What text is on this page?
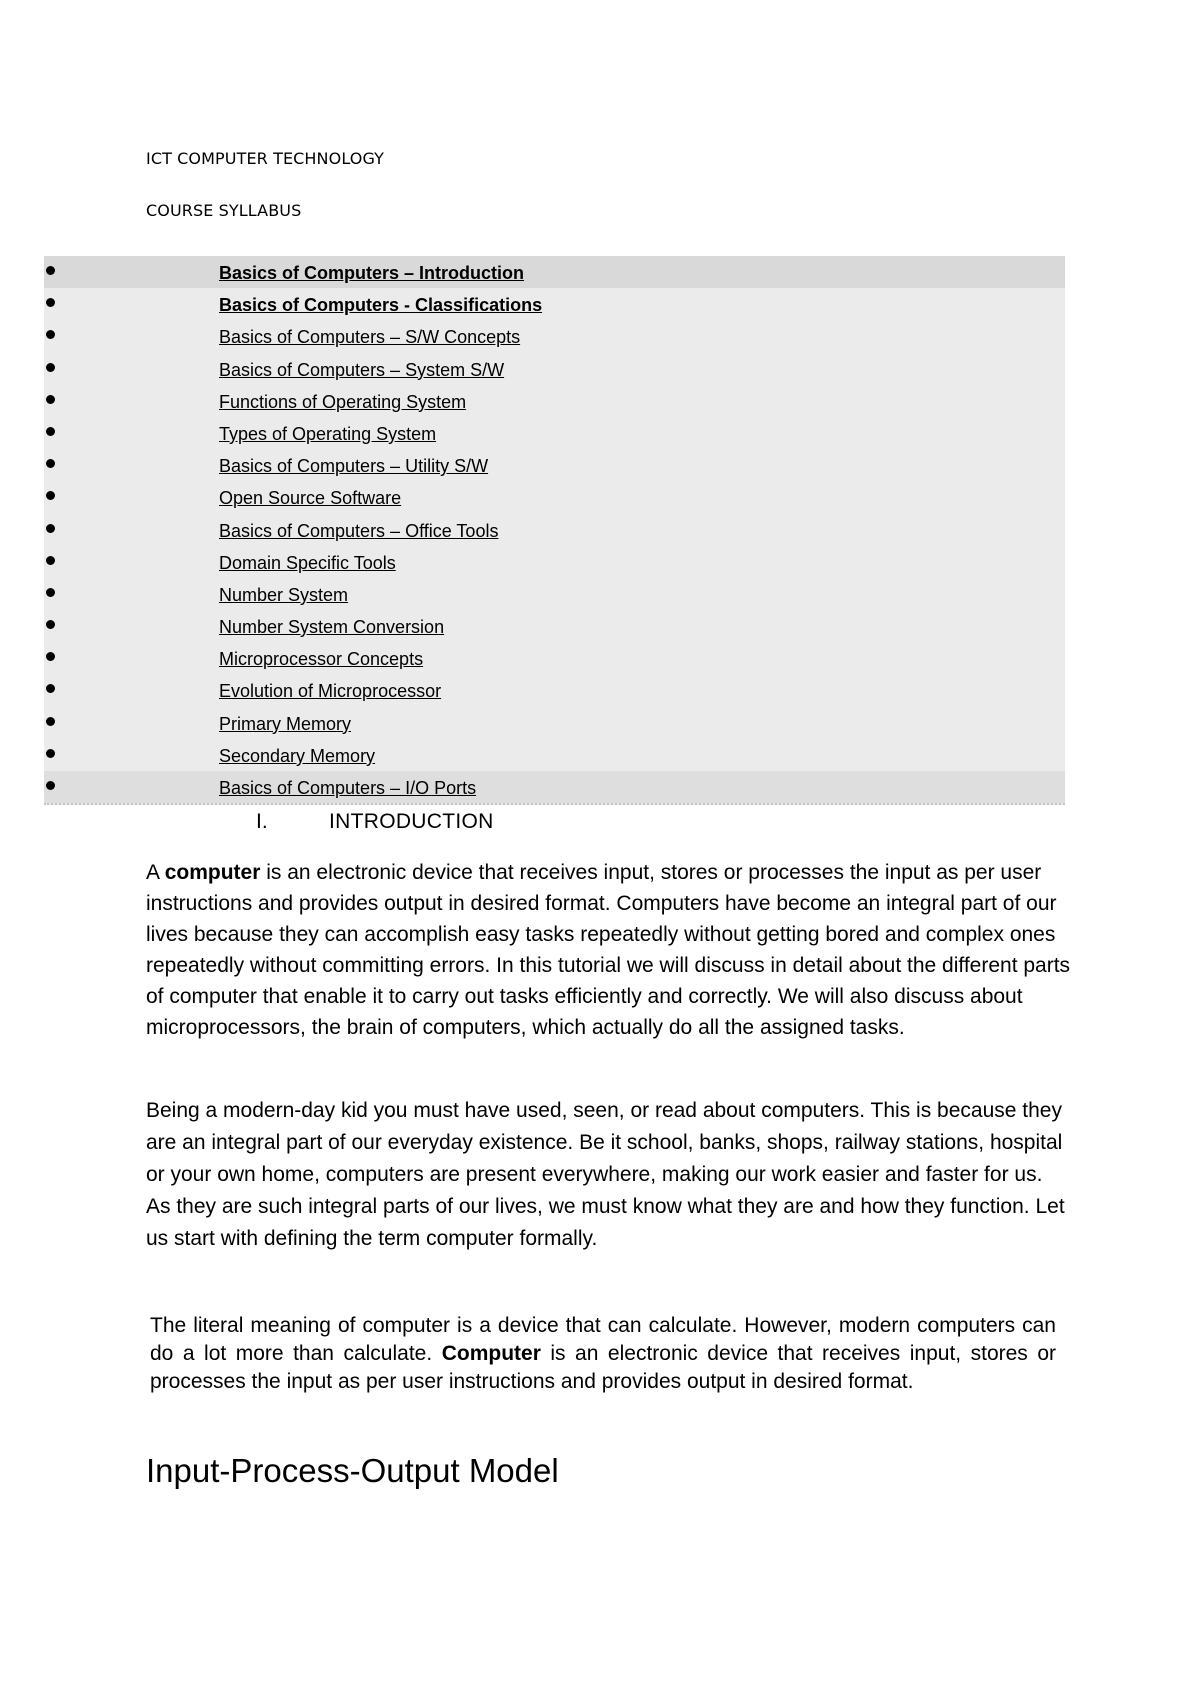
ICT COMPUTER TECHNOLOGY
COURSE SYLLABUS
Basics of Computers – Introduction
Basics of Computers - Classifications
Basics of Computers – S/W Concepts
Basics of Computers – System S/W
Functions of Operating System
Types of Operating System
Basics of Computers – Utility S/W
Open Source Software
Basics of Computers – Office Tools
Domain Specific Tools
Number System
Number System Conversion
Microprocessor Concepts
Evolution of Microprocessor
Primary Memory
Secondary Memory
Basics of Computers – I/O Ports
I.	INTRODUCTION
A computer is an electronic device that receives input, stores or processes the input as per user instructions and provides output in desired format. Computers have become an integral part of our lives because they can accomplish easy tasks repeatedly without getting bored and complex ones repeatedly without committing errors. In this tutorial we will discuss in detail about the different parts of computer that enable it to carry out tasks efficiently and correctly. We will also discuss about microprocessors, the brain of computers, which actually do all the assigned tasks.
Being a modern-day kid you must have used, seen, or read about computers. This is because they are an integral part of our everyday existence. Be it school, banks, shops, railway stations, hospital or your own home, computers are present everywhere, making our work easier and faster for us. As they are such integral parts of our lives, we must know what they are and how they function. Let us start with defining the term computer formally.
The literal meaning of computer is a device that can calculate. However, modern computers can do a lot more than calculate. Computer is an electronic device that receives input, stores or processes the input as per user instructions and provides output in desired format.
Input-Process-Output Model
